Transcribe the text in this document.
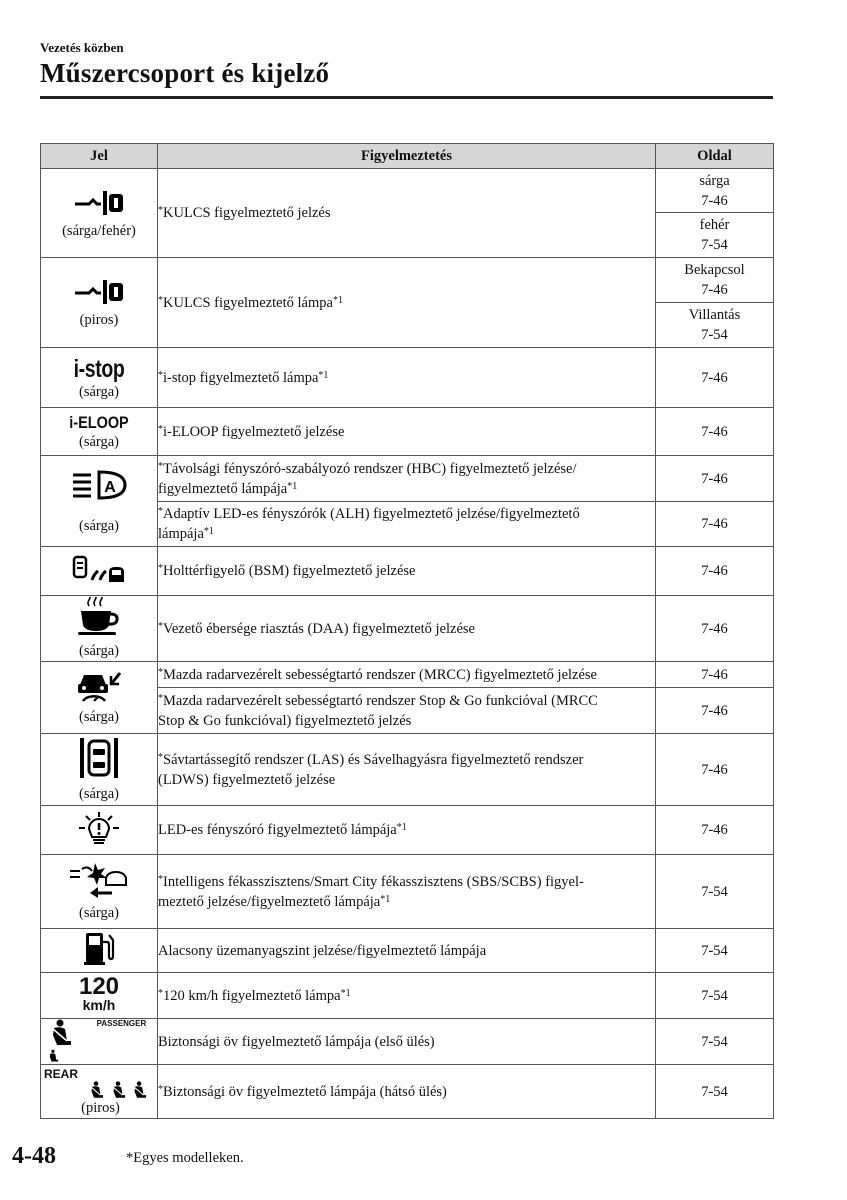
Vezetés közben
Műszercsoport és kijelző
Jel	Figyelmeztetés	Oldal

(sárga/fehér)	*KULCS figyelmeztető jelzés	sárga
7-46
		fehér
7-54

(piros)	*KULCS figyelmeztető lámpa$^{*1}$	Bekapcsol
7-46
		Villantás
7-54

i-stop
(sárga)	*i-stop figyelmeztető lámpa$^{*1}$	7-46

i-ELOOP
(sárga)	*i-ELOOP figyelmeztető jelzése	7-46

A
(sárga)	*Távolsági fényszóró-szabályozó rendszer (HBC) figyelmeztető jelzése/
figyelmeztető lámpája$^{*1}$	7-46
	*Adaptív LED-es fényszórók (ALH) figyelmeztető jelzése/figyelmeztető
lámpája$^{*1}$	7-46
	*Holttérfigyelő (BSM) figyelmeztető jelzése	7-46

(sárga)	*Vezető ébersége riasztás (DAA) figyelmeztető jelzése	7-46

(sárga)	*Mazda radarvezérelt sebességtartó rendszer (MRCC) figyelmeztető jelzése	7-46
	*Mazda radarvezérelt sebességtartó rendszer Stop & Go funkcióval (MRCC
Stop & Go funkcióval) figyelmeztető jelzés	7-46

(sárga)	*Sávtartássegítő rendszer (LAS) és Sávelhagyásra figyelmeztető rendszer
(LDWS) figyelmeztető jelzése	7-46
	LED-es fényszóró figyelmeztető lámpája$^{*1}$	7-46

(sárga)	*Intelligens fékasszisztens/Smart City fékasszisztens (SBS/SCBS) figyel-
meztető jelzése/figyelmeztető lámpája$^{*1}$	7-54
	Alacsony üzemanyagszint jelzése/figyelmeztető lámpája	7-54

120
km/h	*120 km/h figyelmeztető lámpa$^{*1}$	7-54
$^{PASSENGER}$	Biztonsági öv figyelmeztető lámpája (első ülés)	7-54

REAR

(piros)	*Biztonsági öv figyelmeztető lámpája (hátsó ülés)	7-54
4-48	*Egyes modelleken.
